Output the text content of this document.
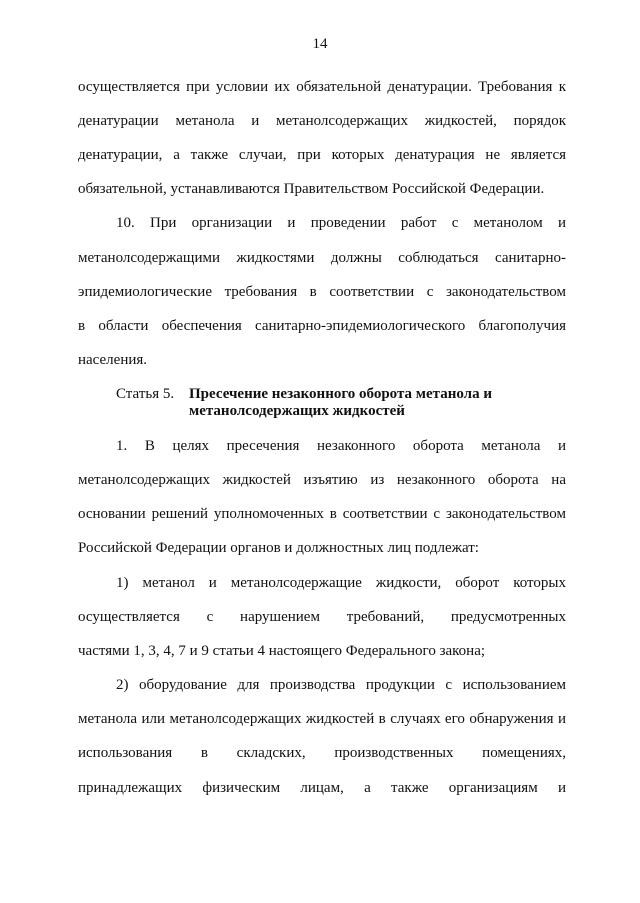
14
осуществляется при условии их обязательной денатурации. Требования к
денатурации метанола и метанолсодержащих жидкостей, порядок
денатурации, а также случаи, при которых денатурация не является
обязательной, устанавливаются Правительством Российской Федерации.
10. При организации и проведении работ с метанолом и
метанолсодержащими жидкостями должны соблюдаться санитарно-
эпидемиологические требования в соответствии с законодательством
в области обеспечения санитарно-эпидемиологического благополучия
населения.
Статья 5. Пресечение незаконного оборота метанола и
метанолсодержащих жидкостей
1. В целях пресечения незаконного оборота метанола и
метанолсодержащих жидкостей изъятию из незаконного оборота на
основании решений уполномоченных в соответствии с законодательством
Российской Федерации органов и должностных лиц подлежат:
1) метанол и метанолсодержащие жидкости, оборот которых
осуществляется с нарушением требований, предусмотренных
частями 1, 3, 4, 7 и 9 статьи 4 настоящего Федерального закона;
2) оборудование для производства продукции с использованием
метанола или метанолсодержащих жидкостей в случаях его обнаружения и
использования в складских, производственных помещениях,
принадлежащих физическим лицам, а также организациям и
